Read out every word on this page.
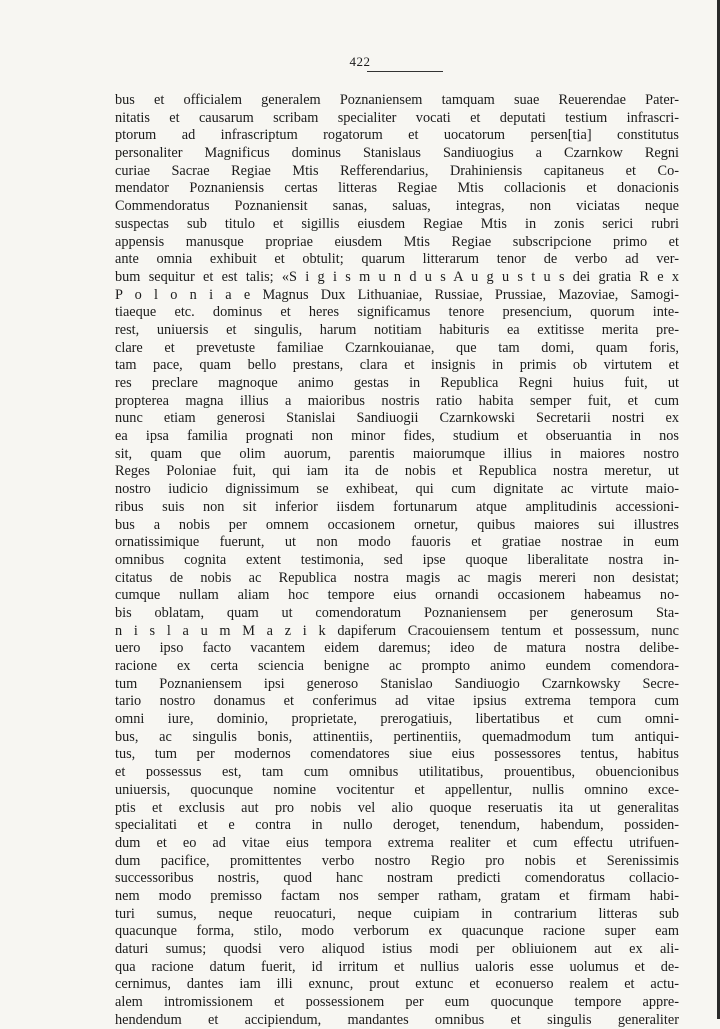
422
bus et officialem generalem Poznaniensem tamquam suae Reuerendae Pater-
nitatis et causarum scribam specialiter vocati et deputati testium infrascri-
ptorum ad infrascriptum rogatorum et uocatorum persen[tia] constitutus
personaliter Magnificus dominus Stanislaus Sandiuogius a Czarnkow Regni
curiae Sacrae Regiae Mtis Refferendarius, Drahiniensis capitaneus et Co-
mendator Poznaniensis certas litteras Regiae Mtis collacionis et donacionis
Commendoratus Poznaniensit sanas, saluas, integras, non viciatas neque
suspectas sub titulo et sigillis eiusdem Regiae Mtis in zonis serici rubri
appensis manusque propriae eiusdem Mtis Regiae subscripcione primo et
ante omnia exhibuit et obtulit; quarum litterarum tenor de verbo ad ver-
bum sequitur et est talis; «S i g i s m u n d u s A u g u s t u s dei gratia R e x
P o l o n i a e Magnus Dux Lithuaniae, Russiae, Prussiae, Mazoviae, Samogi-
tiaeque etc. dominus et heres significamus tenore presencium, quorum inte-
rest, uniuersis et singulis, harum notitiam habituris ea extitisse merita pre-
clare et prevetuste familiae Czarnkouianae, que tam domi, quam foris,
tam pace, quam bello prestans, clara et insignis in primis ob virtutem et
res preclare magnoque animo gestas in Republica Regni huius fuit, ut
propterea magna illius a maioribus nostris ratio habita semper fuit, et cum
nunc etiam generosi Stanislai Sandiuogii Czarnkowski Secretarii nostri ex
ea ipsa familia prognati non minor fides, studium et obseruantia in nos
sit, quam que olim auorum, parentis maiorumque illius in maiores nostro
Reges Poloniae fuit, qui iam ita de nobis et Republica nostra meretur, ut
nostro iudicio dignissimum se exhibeat, qui cum dignitate ac virtute maio-
ribus suis non sit inferior iisdem fortunarum atque amplitudinis accessioni-
bus a nobis per omnem occasionem ornetur, quibus maiores sui illustres
ornatissimique fuerunt, ut non modo fauoris et gratiae nostrae in eum
omnibus cognita extent testimonia, sed ipse quoque liberalitate nostra in-
citatus de nobis ac Republica nostra magis ac magis mereri non desistat;
cumque nullam aliam hoc tempore eius ornandi occasionem habeamus no-
bis oblatam, quam ut comendoratum Poznaniensem per generosum Sta-
n i s l a u m M a z i k dapiferum Cracouiensem tentum et possessum, nunc
uero ipso facto vacantem eidem daremus; ideo de matura nostra delibe-
racione ex certa sciencia benigne ac prompto animo eundem comendora-
tum Poznaniensem ipsi generoso Stanislao Sandiuogio Czarnkowsky Secre-
tario nostro donamus et conferimus ad vitae ipsius extrema tempora cum
omni iure, dominio, proprietate, prerogatiuis, libertatibus et cum omni-
bus, ac singulis bonis, attinentiis, pertinentiis, quemadmodum tum antiqui-
tus, tum per modernos comendatores siue eius possessores tentus, habitus
et possessus est, tam cum omnibus utilitatibus, prouentibus, obuencionibus
uniuersis, quocunque nomine vocitentur et appellentur, nullis omnino exce-
ptis et exclusis aut pro nobis vel alio quoque reseruatis ita ut generalitas
specialitati et e contra in nullo deroget, tenendum, habendum, possiden-
dum et eo ad vitae eius tempora extrema realiter et cum effectu utrifuen-
dum pacifice, promittentes verbo nostro Regio pro nobis et Serenissimis
successoribus nostris, quod hanc nostram predicti comendoratus collacio-
nem modo premisso factam nos semper ratham, gratam et firmam habi-
turi sumus, neque reuocaturi, neque cuipiam in contrarium litteras sub
quacunque forma, stilo, modo verborum ex quacunque racione super eam
daturi sumus; quodsi vero aliquod istius modi per obliuionem aut ex ali-
qua racione datum fuerit, id irritum et nullius ualoris esse uolumus et de-
cernimus, dantes iam illi exnunc, prout extunc et econuerso realem et actu-
alem intromissionem et possessionem per eum quocunque tempore appre-
hendendum et accipiendum, mandantes omnibus et singulis generaliter
